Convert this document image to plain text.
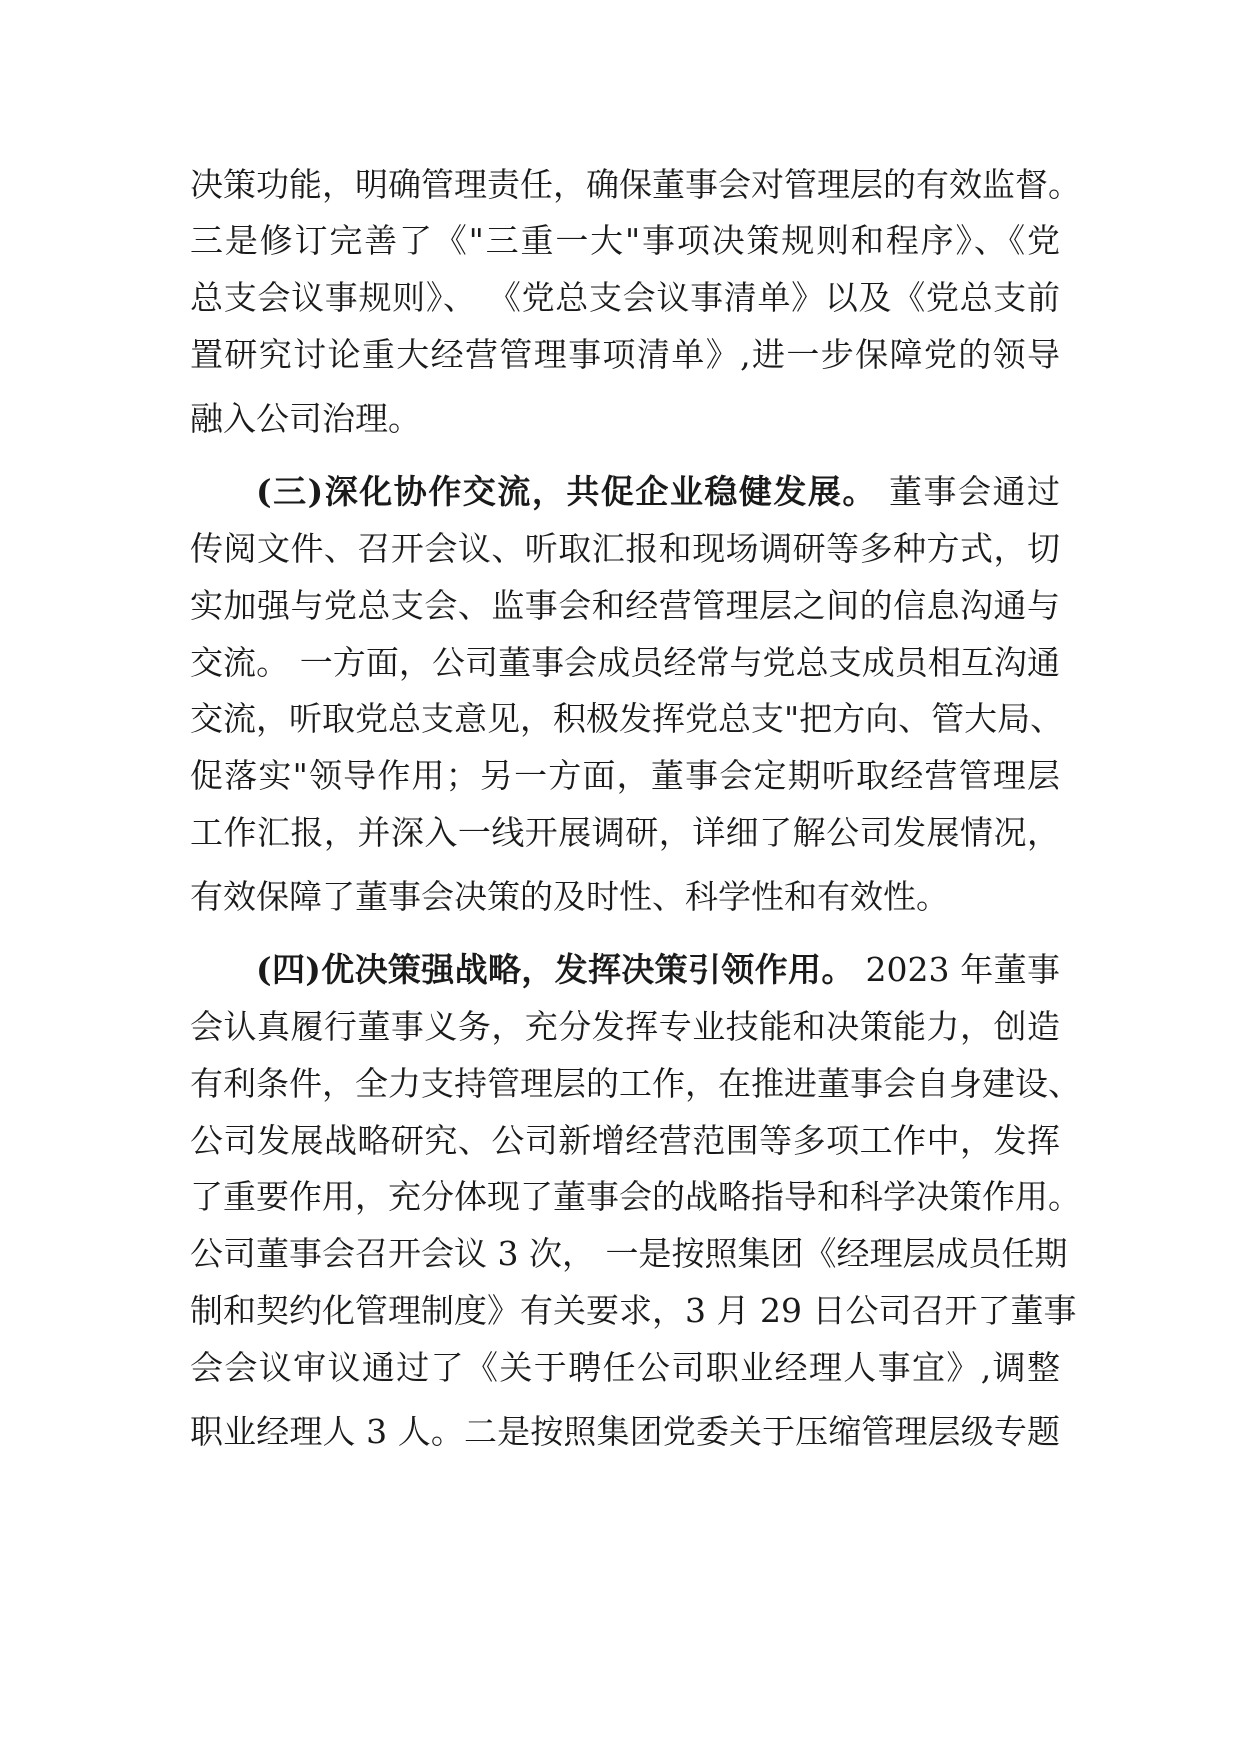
决策功能，明确管理责任，确保董事会对管理层的有效监督。
三是修订完善了《"三重一大"事项决策规则和程序》、《党
总支会议事规则》、 《党总支会议事清单》以及《党总支前
置研究讨论重大经营管理事项清单》,进一步保障党的领导
融入公司治理。
(三)深化协作交流，共促企业稳健发展。 董事会通过
传阅文件、召开会议、听取汇报和现场调研等多种方式，切
实加强与党总支会、监事会和经营管理层之间的信息沟通与
交流。 一方面，公司董事会成员经常与党总支成员相互沟通
交流，听取党总支意见，积极发挥党总支"把方向、管大局、
促落实"领导作用；另一方面，董事会定期听取经营管理层
工作汇报，并深入一线开展调研，详细了解公司发展情况，
有效保障了董事会决策的及时性、科学性和有效性。
(四)优决策强战略，发挥决策引领作用。 2023 年董事
会认真履行董事义务，充分发挥专业技能和决策能力，创造
有利条件，全力支持管理层的工作，在推进董事会自身建设、
公司发展战略研究、公司新增经营范围等多项工作中，发挥
了重要作用，充分体现了董事会的战略指导和科学决策作用。
公司董事会召开会议 3 次， 一是按照集团《经理层成员任期
制和契约化管理制度》有关要求，3 月 29 日公司召开了董事
会会议审议通过了《关于聘任公司职业经理人事宜》,调整
职业经理人 3 人。二是按照集团党委关于压缩管理层级专题
